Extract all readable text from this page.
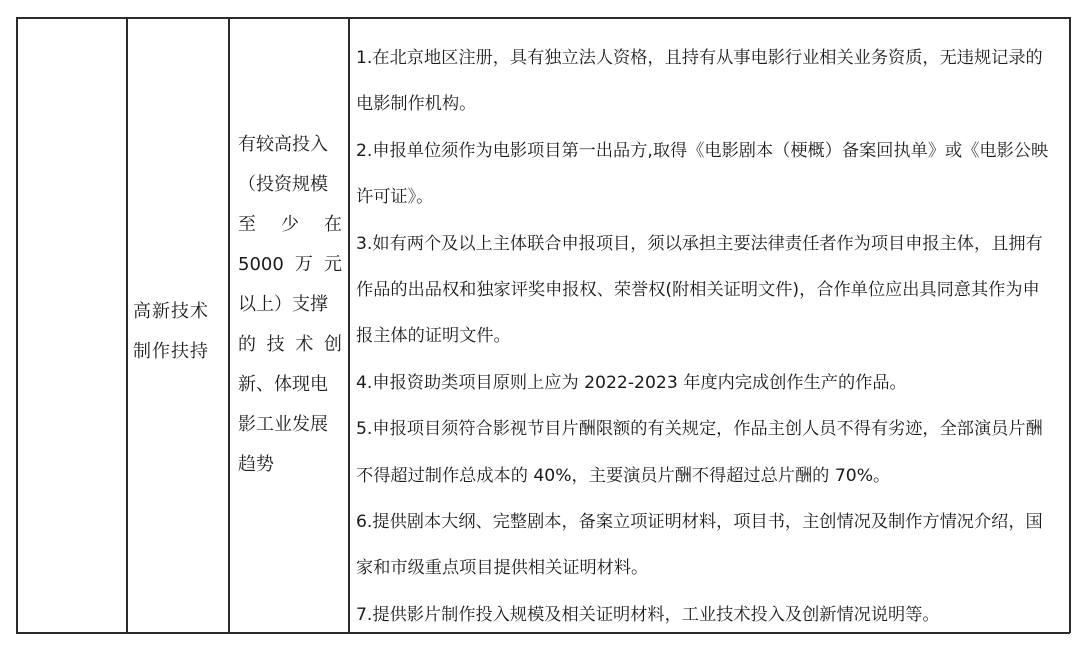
高新技术
制作扶持
有较高投入
（投资规模
至 少 在
5000 万 元
以上）支撑
的 技 术 创
新、体现电
影工业发展
趋势
1.在北京地区注册，具有独立法人资格，且持有从事电影行业相关业务资质，无违规记录的电影制作机构。
2.申报单位须作为电影项目第一出品方,取得《电影剧本（梗概）备案回执单》或《电影公映许可证》。
3.如有两个及以上主体联合申报项目，须以承担主要法律责任者作为项目申报主体，且拥有作品的出品权和独家评奖申报权、荣誉权(附相关证明文件)，合作单位应出具同意其作为申报主体的证明文件。
4.申报资助类项目原则上应为 2022-2023 年度内完成创作生产的作品。
5.申报项目须符合影视节目片酬限额的有关规定，作品主创人员不得有劣迹，全部演员片酬不得超过制作总成本的 40%，主要演员片酬不得超过总片酬的 70%。
6.提供剧本大纲、完整剧本，备案立项证明材料，项目书，主创情况及制作方情况介绍，国家和市级重点项目提供相关证明材料。
7.提供影片制作投入规模及相关证明材料，工业技术投入及创新情况说明等。
